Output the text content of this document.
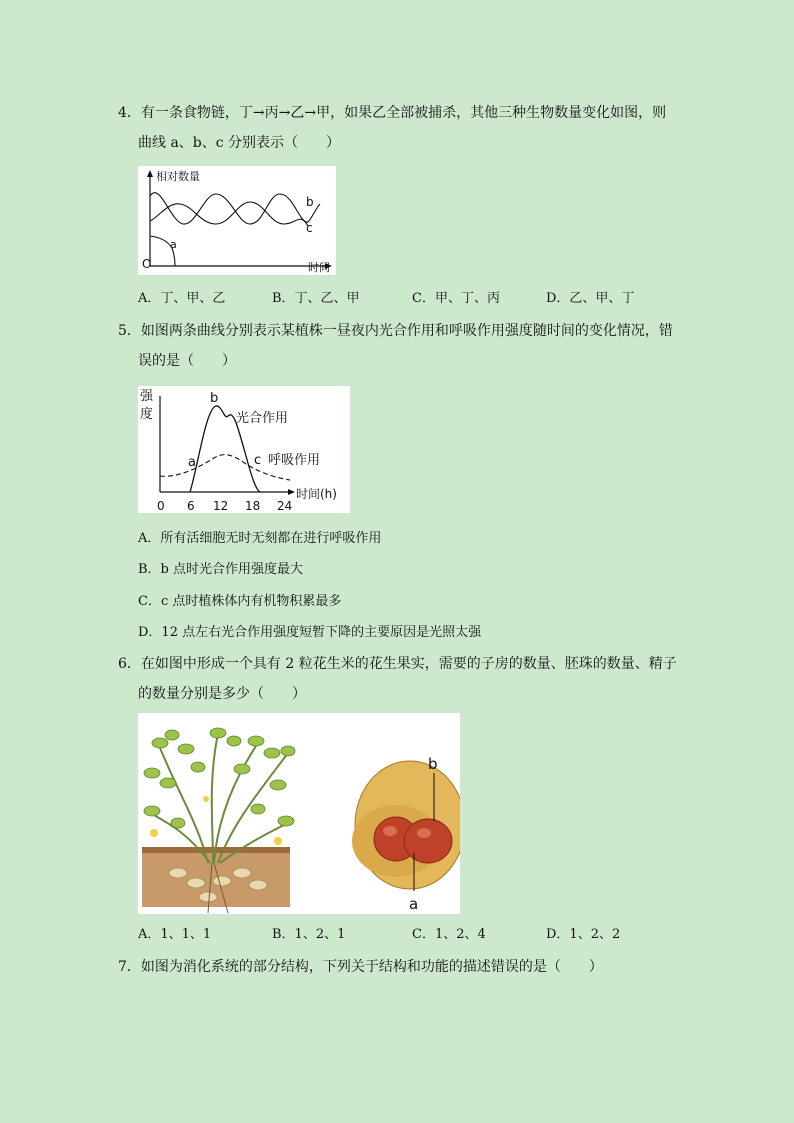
4．有一条食物链，丁→丙→乙→甲，如果乙全部被捕杀，其他三种生物数量变化如图，则
曲线 a、b、c 分别表示（　　）
相对数量
O	时间
a
b
c
A．丁、甲、乙	B．丁、乙、甲	C．甲、丁、丙	D．乙、甲、丁
5．如图两条曲线分别表示某植株一昼夜内光合作用和呼吸作用强度随时间的变化情况，错
误的是（　　）
强
度
时间(h)
0 6 12 18 24
b
a	c
光合作用
呼吸作用
A．所有活细胞无时无刻都在进行呼吸作用
B．b 点时光合作用强度最大
C．c 点时植株体内有机物积累最多
D．12 点左右光合作用强度短暂下降的主要原因是光照太强
6．在如图中形成一个具有 2 粒花生米的花生果实，需要的子房的数量、胚珠的数量、精子
的数量分别是多少（　　）
b
a
A．1、1、1	B．1、2、1	C．1、2、4	D．1、2、2
7．如图为消化系统的部分结构，下列关于结构和功能的描述错误的是（　　）
